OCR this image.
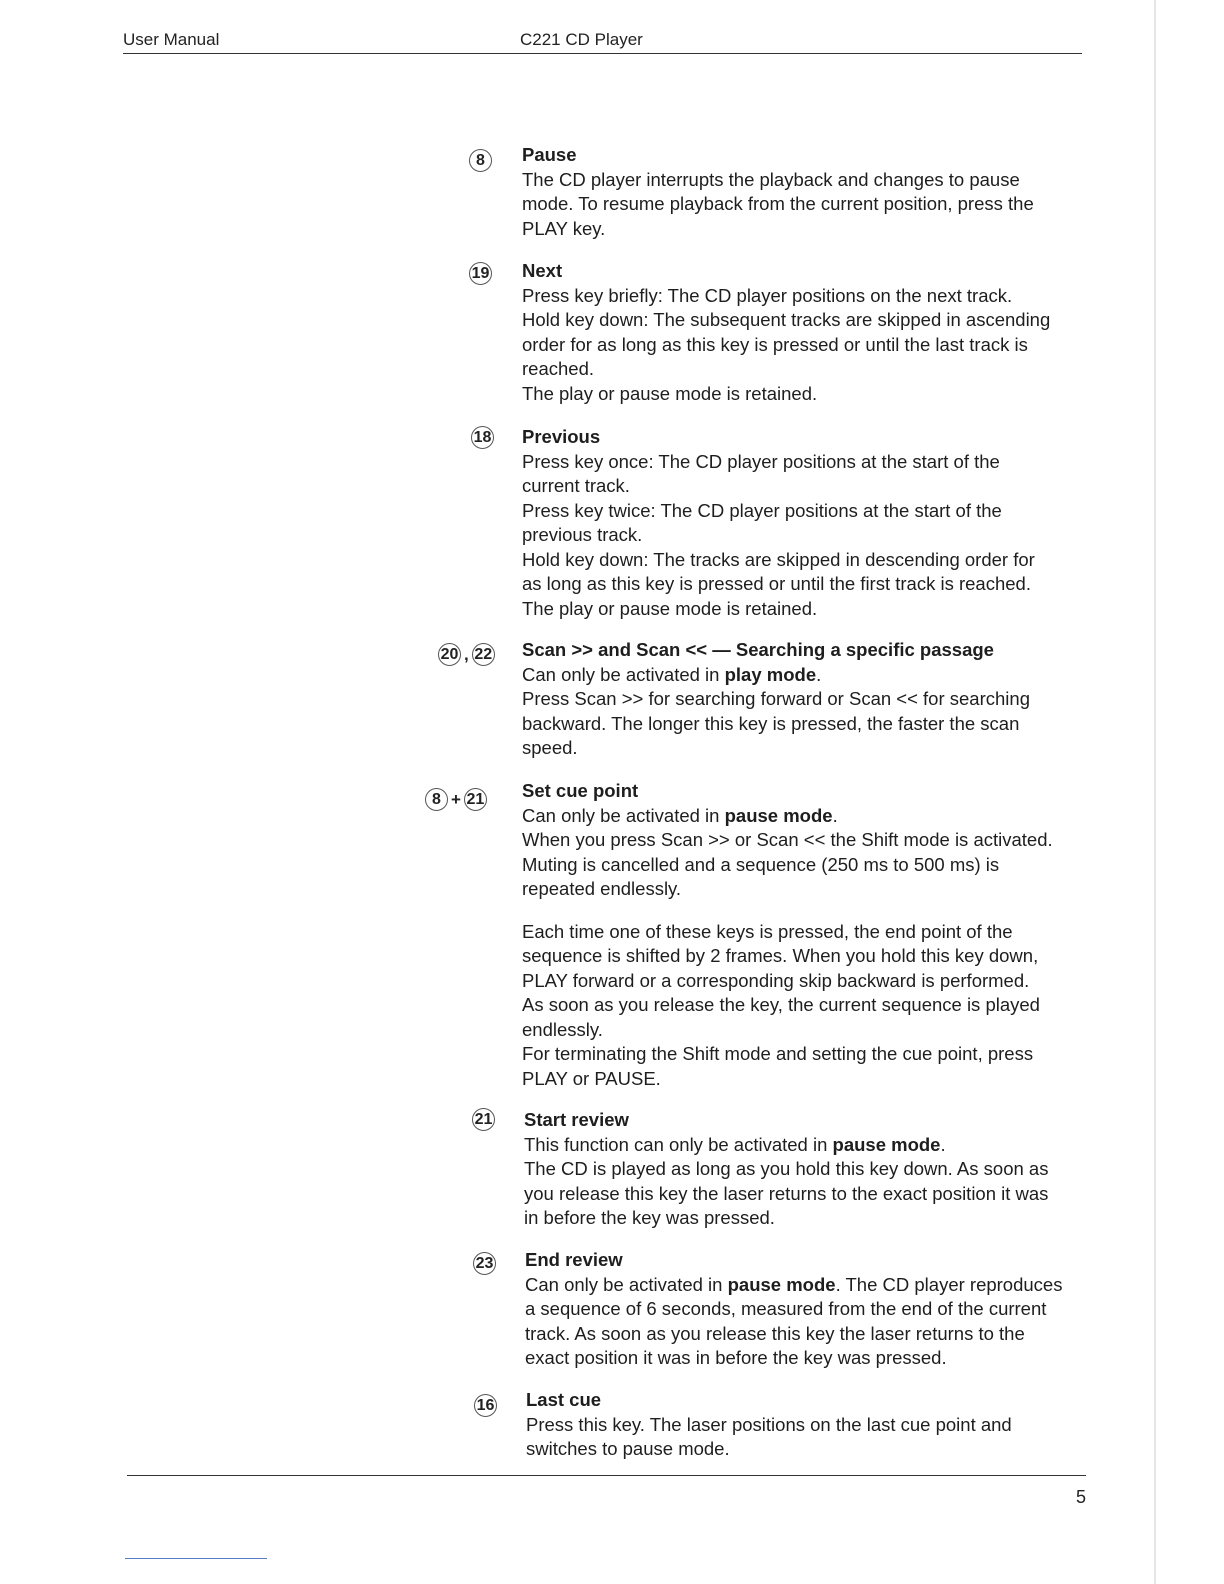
User Manual	C221 CD Player
8	Pause
The CD player interrupts the playback and changes to pause
mode. To resume playback from the current position, press the
PLAY key.
19 Next
Press key briefly: The CD player positions on the next track.
Hold key down: The subsequent tracks are skipped in ascending
order for as long as this key is pressed or until the last track is
reached.
The play or pause mode is retained.
18 Previous
Press key once: The CD player positions at the start of the
current track.
Press key twice: The CD player positions at the start of the
previous track.
Hold key down: The tracks are skipped in descending order for
as long as this key is pressed or until the first track is reached.
The play or pause mode is retained.
20 , 22 Scan >> and Scan << — Searching a specific passage
Can only be activated in play mode.
Press Scan >> for searching forward or Scan << for searching
backward. The longer this key is pressed, the faster the scan
speed.
8 + 21 Set cue point
Can only be activated in pause mode.
When you press Scan >> or Scan << the Shift mode is activated.
Muting is cancelled and a sequence (250 ms to 500 ms) is
repeated endlessly.
Each time one of these keys is pressed, the end point of the
sequence is shifted by 2 frames. When you hold this key down,
PLAY forward or a corresponding skip backward is performed.
As soon as you release the key, the current sequence is played
endlessly.
For terminating the Shift mode and setting the cue point, press
PLAY or PAUSE.
21 Start review
This function can only be activated in pause mode.
The CD is played as long as you hold this key down. As soon as
you release this key the laser returns to the exact position it was
in before the key was pressed.
23 End review
Can only be activated in pause mode. The CD player reproduces
a sequence of 6 seconds, measured from the end of the current
track. As soon as you release this key the laser returns to the
exact position it was in before the key was pressed.
16 Last cue
Press this key. The laser positions on the last cue point and
switches to pause mode.
5
